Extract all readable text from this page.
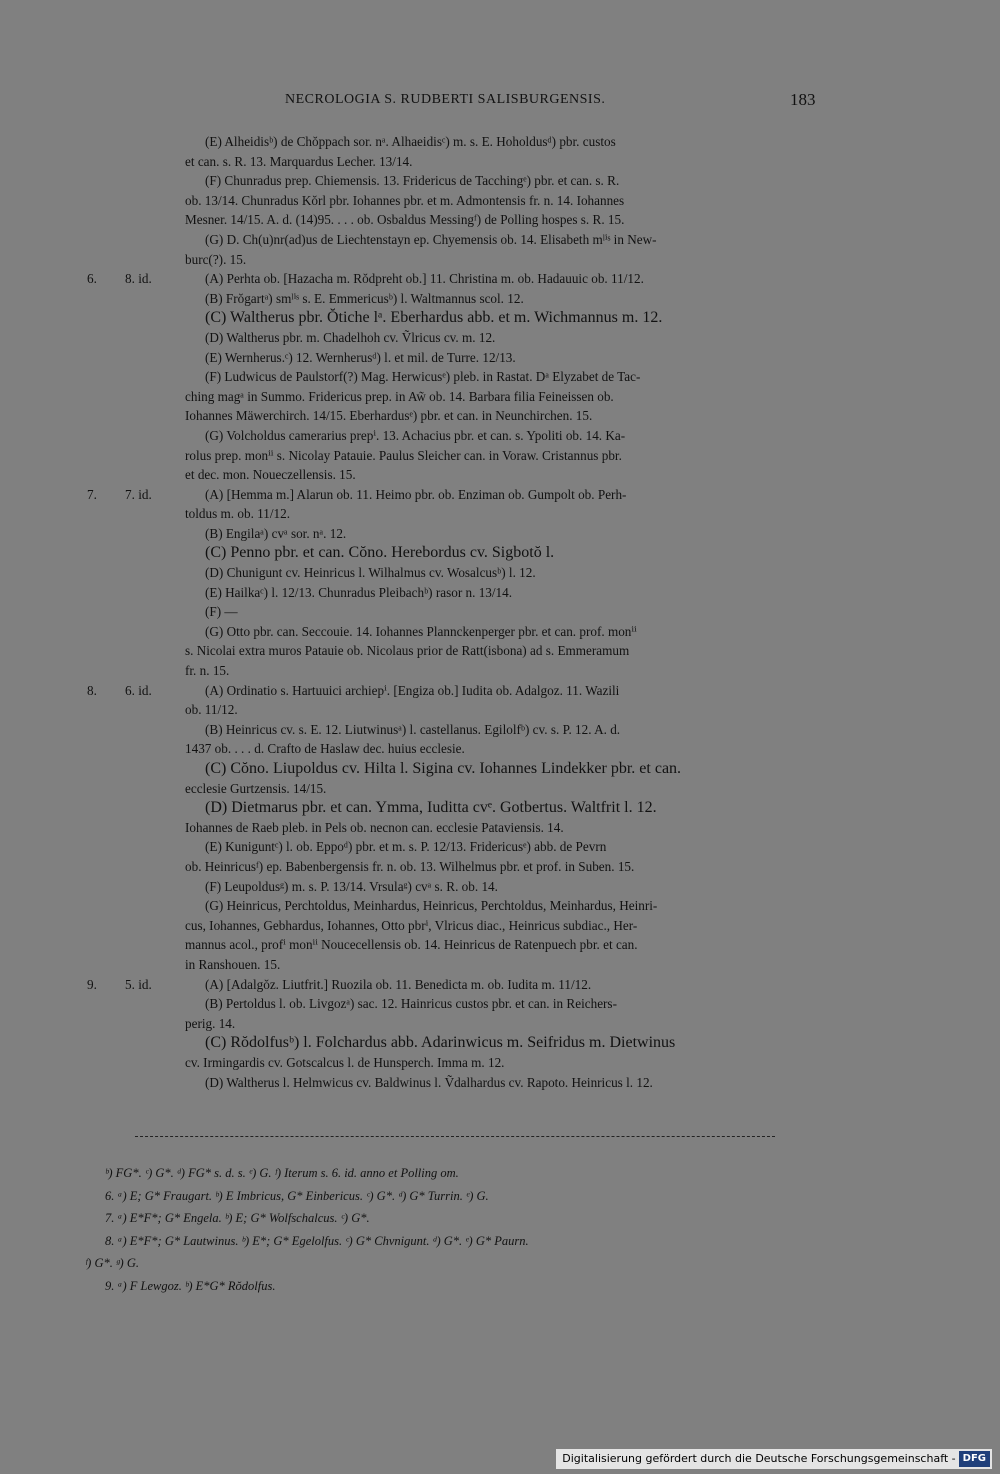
NECROLOGIA S. RUDBERTI SALISBURGENSIS.	183
(E) Alheidisᵇ) de Chŏppach sor. nᵃ. Alhaeidisᶜ) m. s. E. Hoholdusᵈ) pbr. custos
et can. s. R. 13. Marquardus Lecher. 13/14.
(F) Chunradus prep. Chiemensis. 13. Fridericus de Tacchingᵉ) pbr. et can. s. R.
ob. 13/14. Chunradus Kŏrl pbr. Iohannes pbr. et m. Admontensis fr. n. 14. Iohannes
Mesner. 14/15. A. d. (14)95. . . . ob. Osbaldus Messingᶠ) de Polling hospes s. R. 15.
(G) D. Ch(u)nr(ad)us de Liechtenstayn ep. Chyemensis ob. 14. Elisabeth mˡⁱˢ in New-
burc(?). 15.
6. 8. id.	(A) Perhta ob. [Hazacha m. Rŏdpreht ob.] 11. Christina m. ob. Hadauuic ob. 11/12.
(B) Frŏgartᵃ) smˡⁱˢ s. E. Emmericusᵇ) l. Waltmannus scol. 12.
(C) Waltherus pbr. Ŏtiche lᵃ. Eberhardus abb. et m. Wichmannus m. 12.
(D) Waltherus pbr. m. Chadelhoh cv. Ṽlricus cv. m. 12.
(E) Wernherus.ᶜ) 12. Wernherusᵈ) l. et mil. de Turre. 12/13.
(F) Ludwicus de Paulstorf(?) Mag. Herwicusᵉ) pleb. in Rastat. Dᵃ Elyzabet de Tac-
ching magᵃ in Summo. Fridericus prep. in Aw̃ ob. 14. Barbara filia Feineissen ob.
Iohannes Mäwerchirch. 14/15. Eberhardusᵉ) pbr. et can. in Neunchirchen. 15.
(G) Volcholdus camerarius prepⁱ. 13. Achacius pbr. et can. s. Ypoliti ob. 14. Ka-
rolus prep. monⁱⁱ s. Nicolay Patauie. Paulus Sleicher can. in Voraw. Cristannus pbr.
et dec. mon. Noueczellensis. 15.
7. 7. id.	(A) [Hemma m.] Alarun ob. 11. Heimo pbr. ob. Enziman ob. Gumpolt ob. Perh-
toldus m. ob. 11/12.
(B) Engilaᵃ) cvᵃ sor. nᵃ. 12.
(C) Penno pbr. et can. Cŏno. Herebordus cv. Sigbotŏ l.
(D) Chunigunt cv. Heinricus l. Wilhalmus cv. Wosalcusᵇ) l. 12.
(E) Hailkaᶜ) l. 12/13. Chunradus Pleibachᵇ) rasor n. 13/14.
(F) —
(G) Otto pbr. can. Seccouie. 14. Iohannes Plannckenperger pbr. et can. prof. monⁱⁱ
s. Nicolai extra muros Patauie ob. Nicolaus prior de Ratt(isbona) ad s. Emmeramum
fr. n. 15.
8. 6. id.	(A) Ordinatio s. Hartuuici archiepⁱ. [Engiza ob.] Iudita ob. Adalgoz. 11. Wazili
ob. 11/12.
(B) Heinricus cv. s. E. 12. Liutwinusᵃ) l. castellanus. Egilolfᵇ) cv. s. P. 12. A. d.
1437 ob. . . . d. Crafto de Haslaw dec. huius ecclesie.
(C) Cŏno. Liupoldus cv. Hilta l. Sigina cv. Iohannes Lindekker pbr. et can.
ecclesie Gurtzensis. 14/15.
(D) Dietmarus pbr. et can. Ymma, Iuditta cvᵉ. Gotbertus. Waltfrit l. 12.
Iohannes de Raeb pleb. in Pels ob. necnon can. ecclesie Pataviensis. 14.
(E) Kuniguntᶜ) l. ob. Eppoᵈ) pbr. et m. s. P. 12/13. Fridericusᵉ) abb. de Pevrn
ob. Heinricusᶠ) ep. Babenbergensis fr. n. ob. 13. Wilhelmus pbr. et prof. in Suben. 15.
(F) Leupoldusᵍ) m. s. P. 13/14. Vrsulaᵍ) cvᵃ s. R. ob. 14.
(G) Heinricus, Perchtoldus, Meinhardus, Heinricus, Perchtoldus, Meinhardus, Heinri-
cus, Iohannes, Gebhardus, Iohannes, Otto pbrⁱ, Vlricus diac., Heinricus subdiac., Her-
mannus acol., profⁱ monⁱⁱ Noucecellensis ob. 14. Heinricus de Ratenpuech pbr. et can.
in Ranshouen. 15.
9. 5. id.	(A) [Adalgŏz. Liutfrit.] Ruozila ob. 11. Benedicta m. ob. Iudita m. 11/12.
(B) Pertoldus l. ob. Livgozᵃ) sac. 12. Hainricus custos pbr. et can. in Reichers-
perig. 14.
(C) Rŏdolfusᵇ) l. Folchardus abb. Adarinwicus m. Seifridus m. Dietwinus
cv. Irmingardis cv. Gotscalcus l. de Hunsperch. Imma m. 12.
(D) Waltherus l. Helmwicus cv. Baldwinus l. Ṽdalhardus cv. Rapoto. Heinricus l. 12.
ᵇ) FG*. ᶜ) G*. ᵈ) FG* s. d. s. ᵉ) G. ᶠ) Iterum s. 6. id. anno et Polling om.
6. ᵃ) E; G* Fraugart. ᵇ) E Imbricus, G* Einbericus. ᶜ) G*. ᵈ) G* Turrin. ᵉ) G.
7. ᵃ) E*F*; G* Engela. ᵇ) E; G* Wolfschalcus. ᶜ) G*.
8. ᵃ) E*F*; G* Lautwinus. ᵇ) E*; G* Egelolfus. ᶜ) G* Chvnigunt. ᵈ) G*. ᵉ) G* Paurn.
ᶠ) G*. ᵍ) G.
9. ᵃ) F Lewgoz. ᵇ) E*G* Rŏdolfus.
Digitalisierung gefördert durch die Deutsche Forschungsgemeinschaft - DFG
